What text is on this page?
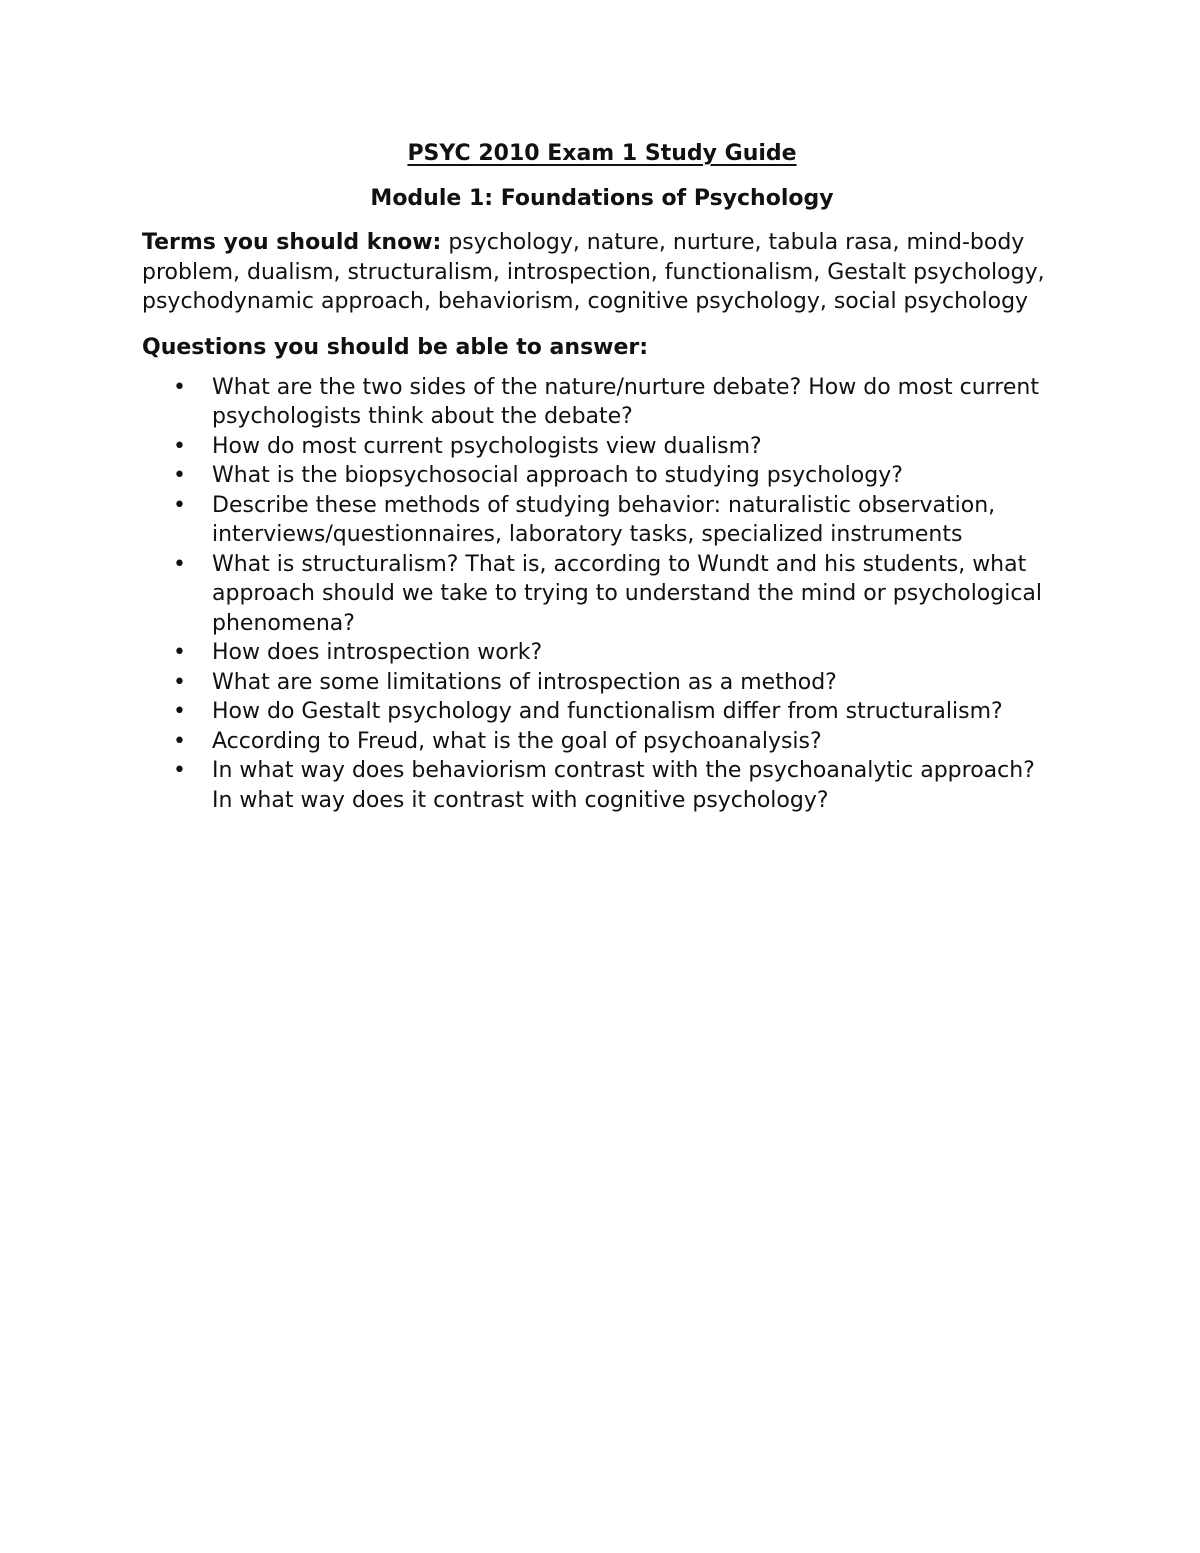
PSYC 2010 Exam 1 Study Guide
Module 1: Foundations of Psychology

Terms you should know: psychology, nature, nurture, tabula rasa, mind-body problem, dualism, structuralism, introspection, functionalism, Gestalt psychology, psychodynamic approach, behaviorism, cognitive psychology, social psychology

Questions you should be able to answer:
• What are the two sides of the nature/nurture debate? How do most current psychologists think about the debate?
• How do most current psychologists view dualism?
• What is the biopsychosocial approach to studying psychology?
• Describe these methods of studying behavior: naturalistic observation, interviews/questionnaires, laboratory tasks, specialized instruments
• What is structuralism? That is, according to Wundt and his students, what approach should we take to trying to understand the mind or psychological phenomena?
• How does introspection work?
• What are some limitations of introspection as a method?
• How do Gestalt psychology and functionalism differ from structuralism?
• According to Freud, what is the goal of psychoanalysis?
• In what way does behaviorism contrast with the psychoanalytic approach? In what way does it contrast with cognitive psychology?
